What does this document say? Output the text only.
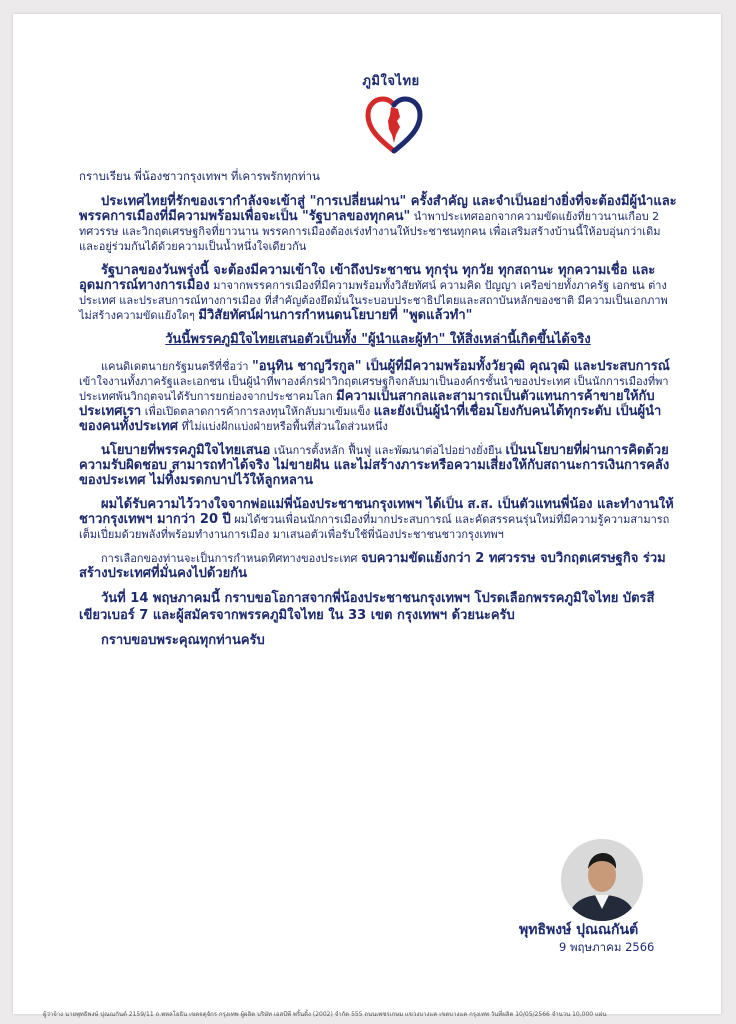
ภูมิใจไทย

กราบเรียน พี่น้องชาวกรุงเทพฯ ที่เคารพรักทุกท่าน

ประเทศไทยที่รักของเรากำลังจะเข้าสู่ "การเปลี่ยนผ่าน" ครั้งสำคัญ และจำเป็นอย่างยิ่งที่จะต้องมีผู้นำและพรรคการเมืองที่มีความพร้อมเพื่อจะเป็น "รัฐบาลของทุกคน" นำพาประเทศออกจากความขัดแย้งที่ยาวนานเกือบ 2 ทศวรรษ และวิกฤตเศรษฐกิจที่ยาวนาน พรรคการเมืองต้องเร่งทำงานให้ประชาชนทุกคน เพื่อเสริมสร้างบ้านนี้ให้อบอุ่นกว่าเดิม และอยู่ร่วมกันได้ด้วยความเป็นน้ำหนึ่งใจเดียวกัน

รัฐบาลของวันพรุ่งนี้ จะต้องมีความเข้าใจ เข้าถึงประชาชน ทุกรุ่น ทุกวัย ทุกสถานะ ทุกความเชื่อ และอุดมการณ์ทางการเมือง มาจากพรรคการเมืองที่มีความพร้อมทั้งวิสัยทัศน์ ความคิด ปัญญา เครือข่ายทั้งภาครัฐ เอกชน ต่างประเทศ และประสบการณ์ทางการเมือง ที่สำคัญต้องยึดมั่นในระบอบประชาธิปไตยและสถาบันหลักของชาติ มีความเป็นเอกภาพ ไม่สร้างความขัดแย้งใดๆ มีวิสัยทัศน์ผ่านการกำหนดนโยบายที่ "พูดแล้วทำ"

วันนี้พรรคภูมิใจไทยเสนอตัวเป็นทั้ง "ผู้นำและผู้ทำ" ให้สิ่งเหล่านี้เกิดขึ้นได้จริง

แคนดิเดตนายกรัฐมนตรีที่ชื่อว่า "อนุทิน ชาญวีรกูล" เป็นผู้ที่มีความพร้อมทั้งวัยวุฒิ คุณวุฒิ และประสบการณ์ เข้าใจงานทั้งภาครัฐและเอกชน เป็นผู้นำที่พาองค์กรฝ่าวิกฤตเศรษฐกิจกลับมาเป็นองค์กรชั้นนำของประเทศ เป็นนักการเมืองที่พาประเทศพ้นวิกฤตจนได้รับการยกย่องจากประชาคมโลก มีความเป็นสากลและสามารถเป็นตัวแทนการค้าขายให้กับประเทศเรา เพื่อเปิดตลาดการค้าการลงทุนให้กลับมาเข้มแข็ง และยังเป็นผู้นำที่เชื่อมโยงกับคนได้ทุกระดับ เป็นผู้นำของคนทั้งประเทศ ที่ไม่แบ่งฝักแบ่งฝ่ายหรือพื้นที่ส่วนใดส่วนหนึ่ง

นโยบายที่พรรคภูมิใจไทยเสนอ เน้นการตั้งหลัก ฟื้นฟู และพัฒนาต่อไปอย่างยั่งยืน เป็นนโยบายที่ผ่านการคิดด้วยความรับผิดชอบ สามารถทำได้จริง ไม่ขายฝัน และไม่สร้างภาระหรือความเสี่ยงให้กับสถานะการเงินการคลังของประเทศ ไม่ทิ้งมรดกบาปไว้ให้ลูกหลาน

ผมได้รับความไว้วางใจจากพ่อแม่พี่น้องประชาชนกรุงเทพฯ ได้เป็น ส.ส. เป็นตัวแทนพี่น้อง และทำงานให้ชาวกรุงเทพฯ มากว่า 20 ปี ผมได้ชวนเพื่อนนักการเมืองที่มากประสบการณ์ และคัดสรรคนรุ่นใหม่ที่มีความรู้ความสามารถ เต็มเปี่ยมด้วยพลังที่พร้อมทำงานการเมือง มาเสนอตัวเพื่อรับใช้พี่น้องประชาชนชาวกรุงเทพฯ

การเลือกของท่านจะเป็นการกำหนดทิศทางของประเทศ จบความขัดแย้งกว่า 2 ทศวรรษ จบวิกฤตเศรษฐกิจ ร่วมสร้างประเทศที่มั่นคงไปด้วยกัน

วันที่ 14 พฤษภาคมนี้ กราบขอโอกาสจากพี่น้องประชาชนกรุงเทพฯ โปรดเลือกพรรคภูมิใจไทย บัตรสีเขียวเบอร์ 7 และผู้สมัครจากพรรคภูมิใจไทย ใน 33 เขต กรุงเทพฯ ด้วยนะครับ

กราบขอบพระคุณทุกท่านครับ

พุทธิพงษ์ ปุณณกันต์
9 พฤษภาคม 2566
ผู้ว่าจ้าง นายพุทธิพงษ์ ปุณณกันต์ 2159/11 ถ.พหลโยธิน เขตจตุจักร กรุงเทพ ผู้ผลิต บริษัท เอสบีพี พริ้นติ้ง (2002) จำกัด 555 ถนนเพชรเกษม แขวงบางแค เขตบางแค กรุงเทพ วันที่ผลิต 10/05/2566 จำนวน 10,000 แผ่น
